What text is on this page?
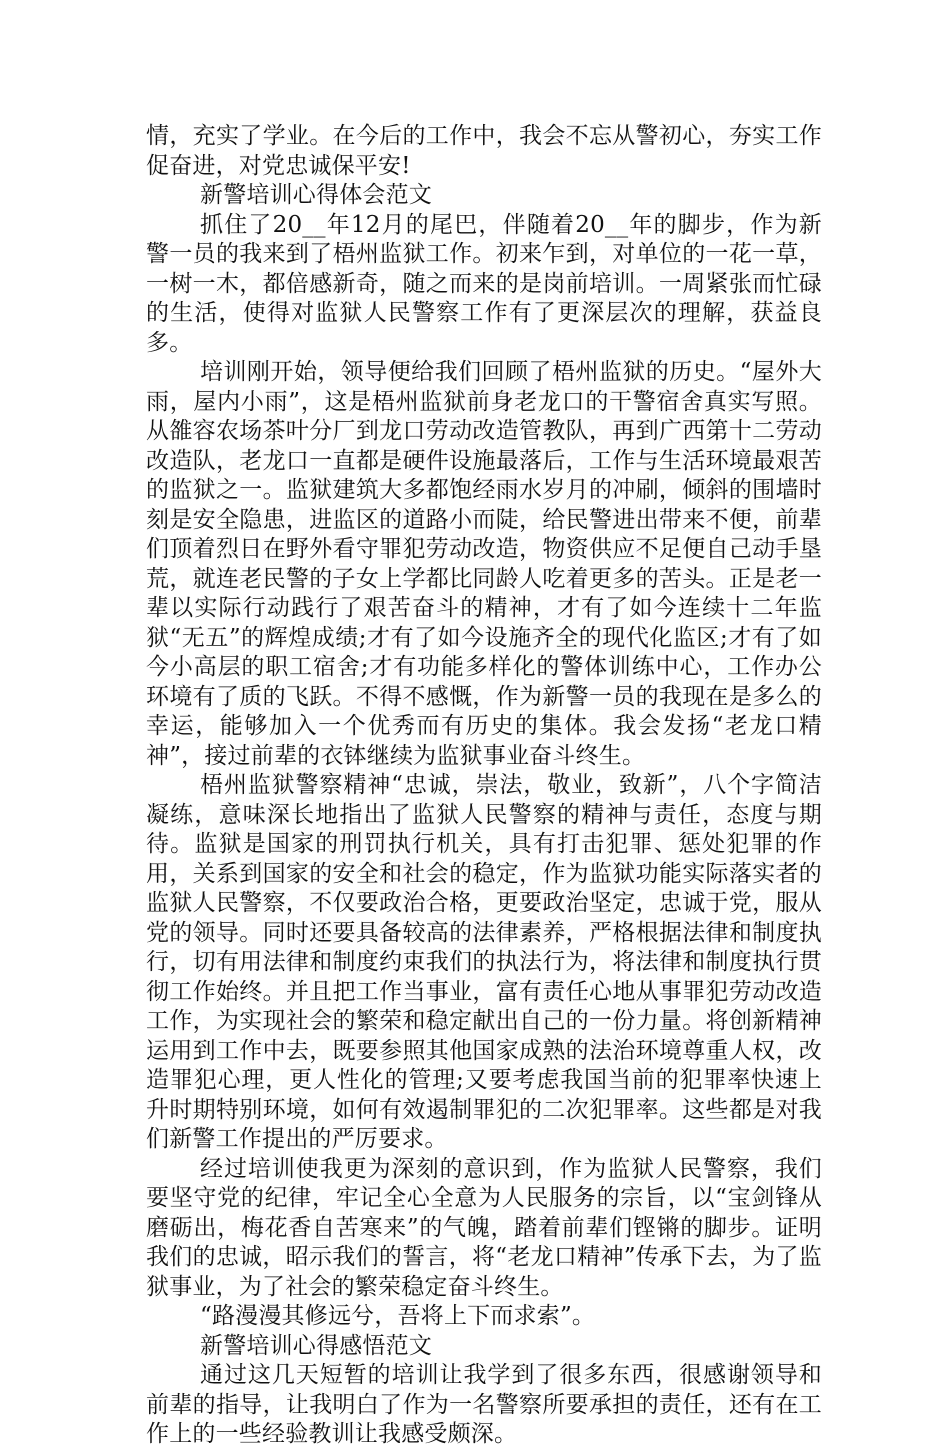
情，充实了学业。在今后的工作中，我会不忘从警初心，夯实工作促奋进，对党忠诚保平安!

新警培训心得体会范文

抓住了20__年12月的尾巴，伴随着20__年的脚步，作为新警一员的我来到了梧州监狱工作。初来乍到，对单位的一花一草，一树一木，都倍感新奇，随之而来的是岗前培训。一周紧张而忙碌的生活，使得对监狱人民警察工作有了更深层次的理解，获益良多。

培训刚开始，领导便给我们回顾了梧州监狱的历史。“屋外大雨，屋内小雨”，这是梧州监狱前身老龙口的干警宿舍真实写照。从雒容农场茶叶分厂到龙口劳动改造管教队，再到广西第十二劳动改造队，老龙口一直都是硬件设施最落后，工作与生活环境最艰苦的监狱之一。监狱建筑大多都饱经雨水岁月的冲刷，倾斜的围墙时刻是安全隐患，进监区的道路小而陡，给民警进出带来不便，前辈们顶着烈日在野外看守罪犯劳动改造，物资供应不足便自己动手垦荒，就连老民警的子女上学都比同龄人吃着更多的苦头。正是老一辈以实际行动践行了艰苦奋斗的精神，才有了如今连续十二年监狱“无五”的辉煌成绩;才有了如今设施齐全的现代化监区;才有了如今小高层的职工宿舍;才有功能多样化的警体训练中心，工作办公环境有了质的飞跃。不得不感慨，作为新警一员的我现在是多么的幸运，能够加入一个优秀而有历史的集体。我会发扬“老龙口精神”，接过前辈的衣钵继续为监狱事业奋斗终生。

梧州监狱警察精神“忠诚，崇法，敬业，致新”，八个字简洁凝练，意味深长地指出了监狱人民警察的精神与责任，态度与期待。监狱是国家的刑罚执行机关，具有打击犯罪、惩处犯罪的作用，关系到国家的安全和社会的稳定，作为监狱功能实际落实者的监狱人民警察，不仅要政治合格，更要政治坚定，忠诚于党，服从党的领导。同时还要具备较高的法律素养，严格根据法律和制度执行，切有用法律和制度约束我们的执法行为，将法律和制度执行贯彻工作始终。并且把工作当事业，富有责任心地从事罪犯劳动改造工作，为实现社会的繁荣和稳定献出自己的一份力量。将创新精神运用到工作中去，既要参照其他国家成熟的法治环境尊重人权，改造罪犯心理，更人性化的管理;又要考虑我国当前的犯罪率快速上升时期特别环境，如何有效遏制罪犯的二次犯罪率。这些都是对我们新警工作提出的严厉要求。

经过培训使我更为深刻的意识到，作为监狱人民警察，我们要坚守党的纪律，牢记全心全意为人民服务的宗旨，以“宝剑锋从磨砺出，梅花香自苦寒来”的气魄，踏着前辈们铿锵的脚步。证明我们的忠诚，昭示我们的誓言，将“老龙口精神”传承下去，为了监狱事业，为了社会的繁荣稳定奋斗终生。

“路漫漫其修远兮，吾将上下而求索”。

新警培训心得感悟范文

通过这几天短暂的培训让我学到了很多东西，很感谢领导和前辈的指导，让我明白了作为一名警察所要承担的责任，还有在工作上的一些经验教训让我感受颇深。
